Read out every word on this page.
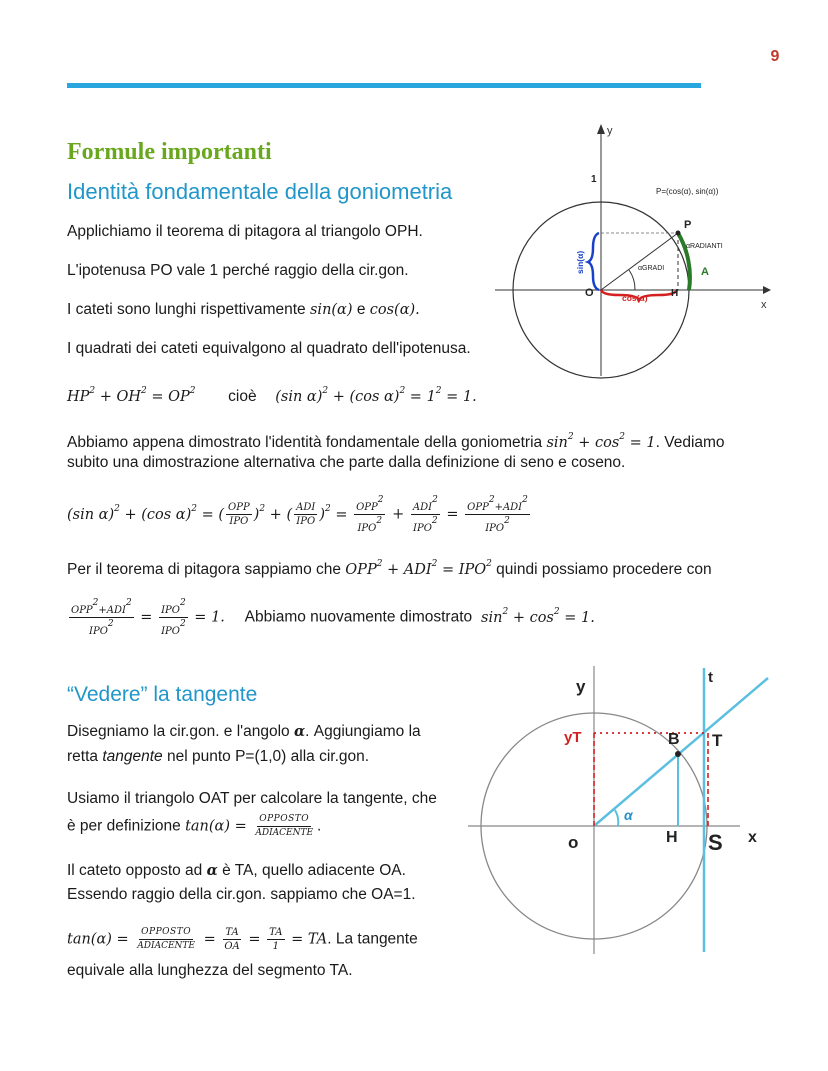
9
Formule importanti
Identità fondamentale della goniometria
Applichiamo il teorema di pitagora al triangolo OPH.
L'ipotenusa PO vale 1 perché raggio della cir.gon.
I cateti sono lunghi rispettivamente sin(α) e cos(α).
I quadrati dei cateti equivalgono al quadrato dell'ipotenusa.
$HP^2 + OH^2 = OP^2$ cioè (sin α)$^2$ + (cos $\alpha)^2 = 1^2 = 1$.
Abbiamo appena dimostrato l'identità fondamentale della goniometria $\sin^2 + \cos^2 = 1$. Vediamo
subito una dimostrazione alternativa che parte dalla definizione di seno e coseno.
(sin α)$^2$ + (cos α)$^2$ = ( $\frac{\text{OPP}}{\text{IPO}} )^2$ + ( $\frac{\text{ADI}}{\text{IPO}} )^2 = \frac{OPP^2}{IPO^2} + \frac{ADI^2}{IPO^2} = \frac{OPP^2+ADI^2}{IPO^2}$
Per il teorema di pitagora sappiamo che $OPP^2 + ADI^2 = IPO^2$ quindi possiamo procedere con
$\frac{OPP^2+ADI^2}{IPO^2} = \frac{IPO^2}{IPO^2} = 1$. Abbiamo nuovamente dimostrato  $\sin^2 + \cos^2 = 1$.
“Vedere” la tangente
Disegniamo la cir.gon. e l'angolo α. Aggiungiamo la
retta tangente nel punto P=(1,0) alla cir.gon.
Usiamo il triangolo OAT per calcolare la tangente, che
è per definizione $\tan(\alpha) = \frac{\text{OPPOSTO}}{\text{ADIACENTE}}$ .
Il cateto opposto ad α è TA, quello adiacente OA.
Essendo raggio della cir.gon. sappiamo che OA=1.
$\tan(\alpha) = \frac{\text{OPPOSTO}}{\text{ADIACENTE}} = \frac{TA}{OA} = \frac{TA}{1}$ = TA. La tangente
equivale alla lunghezza del segmento TA.
y
x
1
O
P
H
A
P=(cos(α), sin(α))
sin(α)
cos(α)
αGRADI
αRADIANTI
y
x
t
o
B T
H S
yT
α
